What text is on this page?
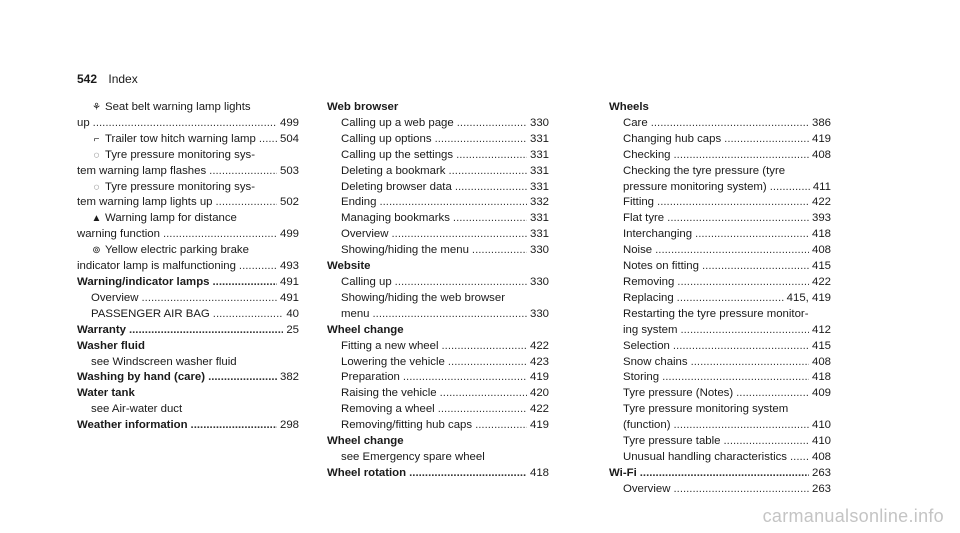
542 Index
⚘ Seat belt warning lamp lights
up .....	499
⌐ Trailer tow hitch warning lamp ..... 504
◌ Tyre pressure monitoring sys-
tem warning lamp flashes .....	503
◌ Tyre pressure monitoring sys-
tem warning lamp lights up .....	502
▲ Warning lamp for distance
warning function .....	499
⊚ Yellow electric parking brake
indicator lamp is malfunctioning .....	493
Warning/indicator lamps .....	491
Overview .....	491
PASSENGER AIR BAG .....	40
Warranty .....	25
Washer fluid
see Windscreen washer fluid
Washing by hand (care) .....	382
Water tank
see Air-water duct
Weather information .....	298
Web browser
Calling up a web page .....	330
Calling up options .....	331
Calling up the settings .....	331
Deleting a bookmark .....	331
Deleting browser data .....	331
Ending .....	332
Managing bookmarks .....	331
Overview .....	331
Showing/hiding the menu .....	330
Website
Calling up .....	330
Showing/hiding the web browser
menu .....	330
Wheel change
Fitting a new wheel .....	422
Lowering the vehicle .....	423
Preparation .....	419
Raising the vehicle .....	420
Removing a wheel .....	422
Removing/fitting hub caps .....	419
Wheel change
see Emergency spare wheel
Wheel rotation .....	418
Wheels
Care .....	386
Changing hub caps .....	419
Checking .....	408
Checking the tyre pressure (tyre
pressure monitoring system) .....	411
Fitting .....	422
Flat tyre .....	393
Interchanging .....	418
Noise .....	408
Notes on fitting .....	415
Removing .....	422
Replacing .....	415, 419
Restarting the tyre pressure monitor-
ing system .....	412
Selection .....	415
Snow chains .....	408
Storing .....	418
Tyre pressure (Notes) .....	409
Tyre pressure monitoring system
(function) .....	410
Tyre pressure table .....	410
Unusual handling characteristics ..... 408
Wi-Fi .....	263
Overview .....	263
carmanualsonline.info
